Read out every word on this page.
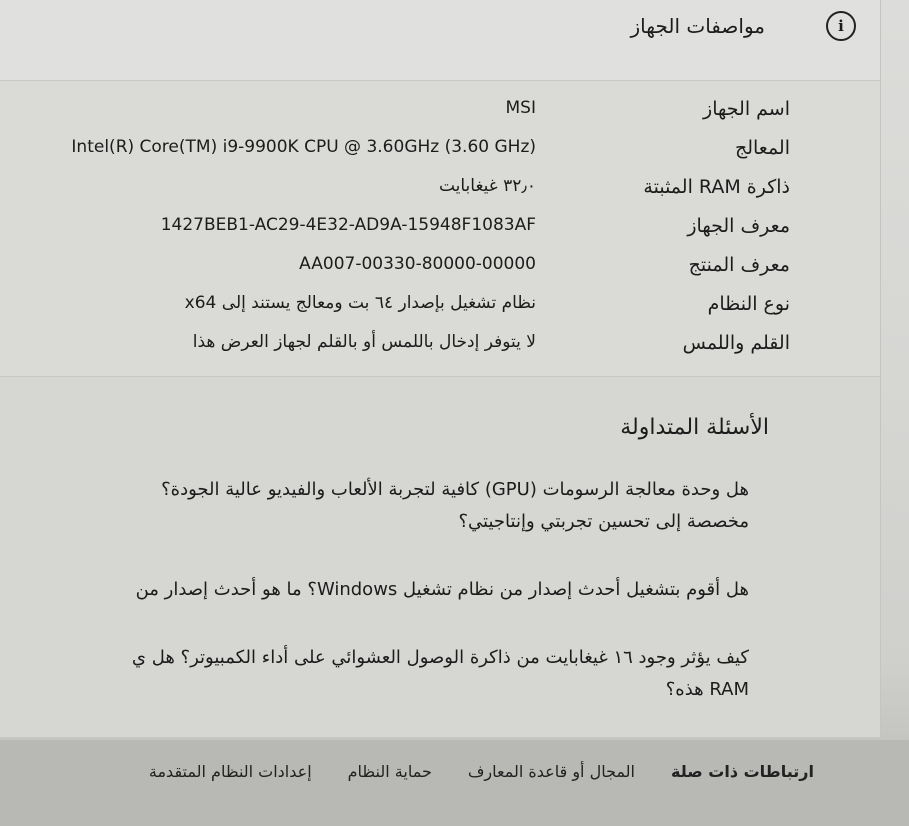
i
مواصفات الجهاز
اسم الجهاز
MSI
المعالج
Intel(R) Core(TM) i9-9900K CPU @ 3.60GHz (3.60 GHz)
ذاكرة RAM المثبتة
٣٢٫٠ غيغابايت
معرف الجهاز
1427BEB1-AC29-4E32-AD9A-15948F1083AF
معرف المنتج
00330-80000-00000-AA007
نوع النظام
نظام تشغيل بإصدار ٦٤ بت ومعالج يستند إلى x64
القلم واللمس
لا يتوفر إدخال باللمس أو بالقلم لجهاز العرض هذا
الأسئلة المتداولة
هل وحدة معالجة الرسومات (GPU) كافية لتجربة الألعاب والفيديو عالية الجودة؟
مخصصة إلى تحسين تجربتي وإنتاجيتي؟
هل أقوم بتشغيل أحدث إصدار من نظام تشغيل Windows؟ ما هو أحدث إصدار من
كيف يؤثر وجود ١٦ غيغابايت من ذاكرة الوصول العشوائي على أداء الكمبيوتر؟ هل ي
RAM هذه؟
ارتباطات ذات صلة
المجال أو قاعدة المعارف
حماية النظام
إعدادات النظام المتقدمة
